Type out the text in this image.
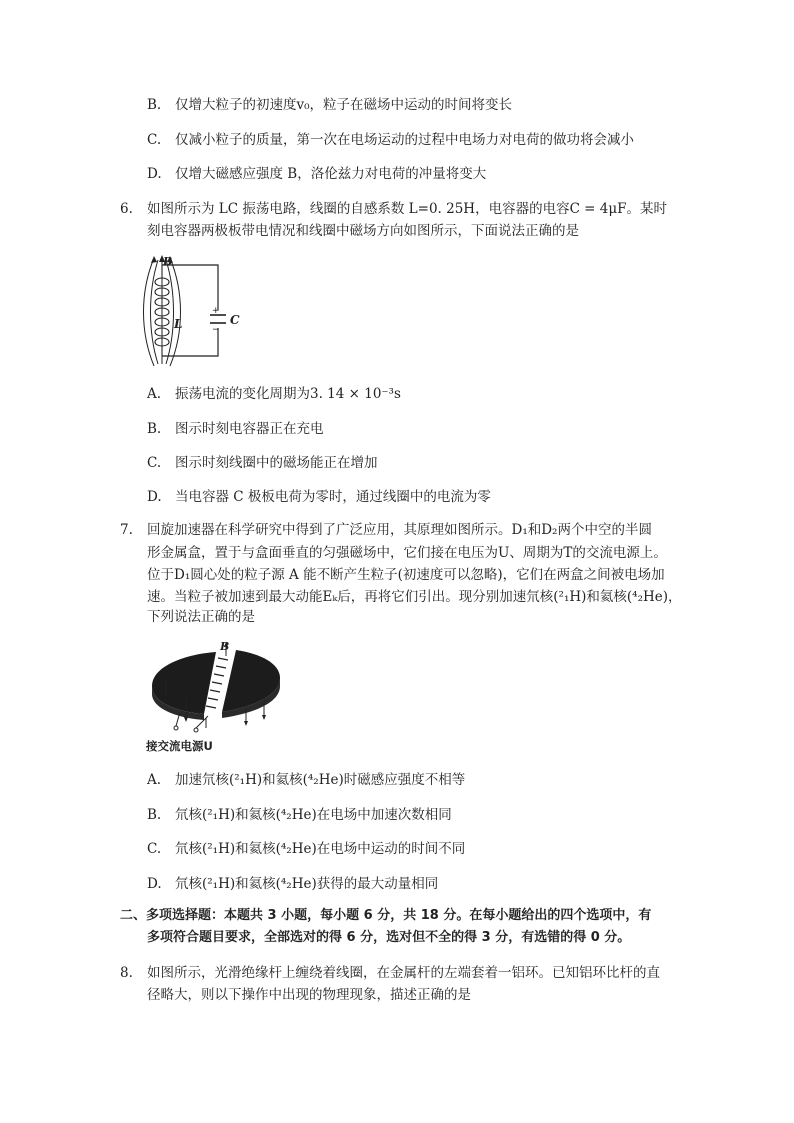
B. 仅增大粒子的初速度v₀，粒子在磁场中运动的时间将变长
C. 仅减小粒子的质量，第一次在电场运动的过程中电场力对电荷的做功将会减小
D. 仅增大磁感应强度 B，洛伦兹力对电荷的冲量将变大
6. 如图所示为 LC 振荡电路，线圈的自感系数 L=0. 25H，电容器的电容C = 4μF。某时
刻电容器两极板带电情况和线圈中磁场方向如图所示，下面说法正确的是
B
L	C
+
−
A. 振荡电流的变化周期为3. 14 × 10⁻³s
B. 图示时刻电容器正在充电
C. 图示时刻线圈中的磁场能正在增加
D. 当电容器 C 极板电荷为零时，通过线圈中的电流为零
7. 回旋加速器在科学研究中得到了广泛应用，其原理如图所示。D₁和D₂两个中空的半圆
形金属盒，置于与盒面垂直的匀强磁场中，它们接在电压为U、周期为T的交流电源上。
位于D₁圆心处的粒子源 A 能不断产生粒子(初速度可以忽略)，它们在两盒之间被电场加
速。当粒子被加速到最大动能Eₖ后，再将它们引出。现分别加速氘核(²₁H)和氦核(⁴₂He)，
下列说法正确的是
B
接交流电源U
A. 加速氘核(²₁H)和氦核(⁴₂He)时磁感应强度不相等
B. 氘核(²₁H)和氦核(⁴₂He)在电场中加速次数相同
C. 氘核(²₁H)和氦核(⁴₂He)在电场中运动的时间不同
D. 氘核(²₁H)和氦核(⁴₂He)获得的最大动量相同
二、多项选择题：本题共 3 小题，每小题 6 分，共 18 分。在每小题给出的四个选项中，有
多项符合题目要求，全部选对的得 6 分，选对但不全的得 3 分，有选错的得 0 分。
8. 如图所示，光滑绝缘杆上缠绕着线圈，在金属杆的左端套着一铝环。已知铝环比杆的直
径略大，则以下操作中出现的物理现象，描述正确的是
